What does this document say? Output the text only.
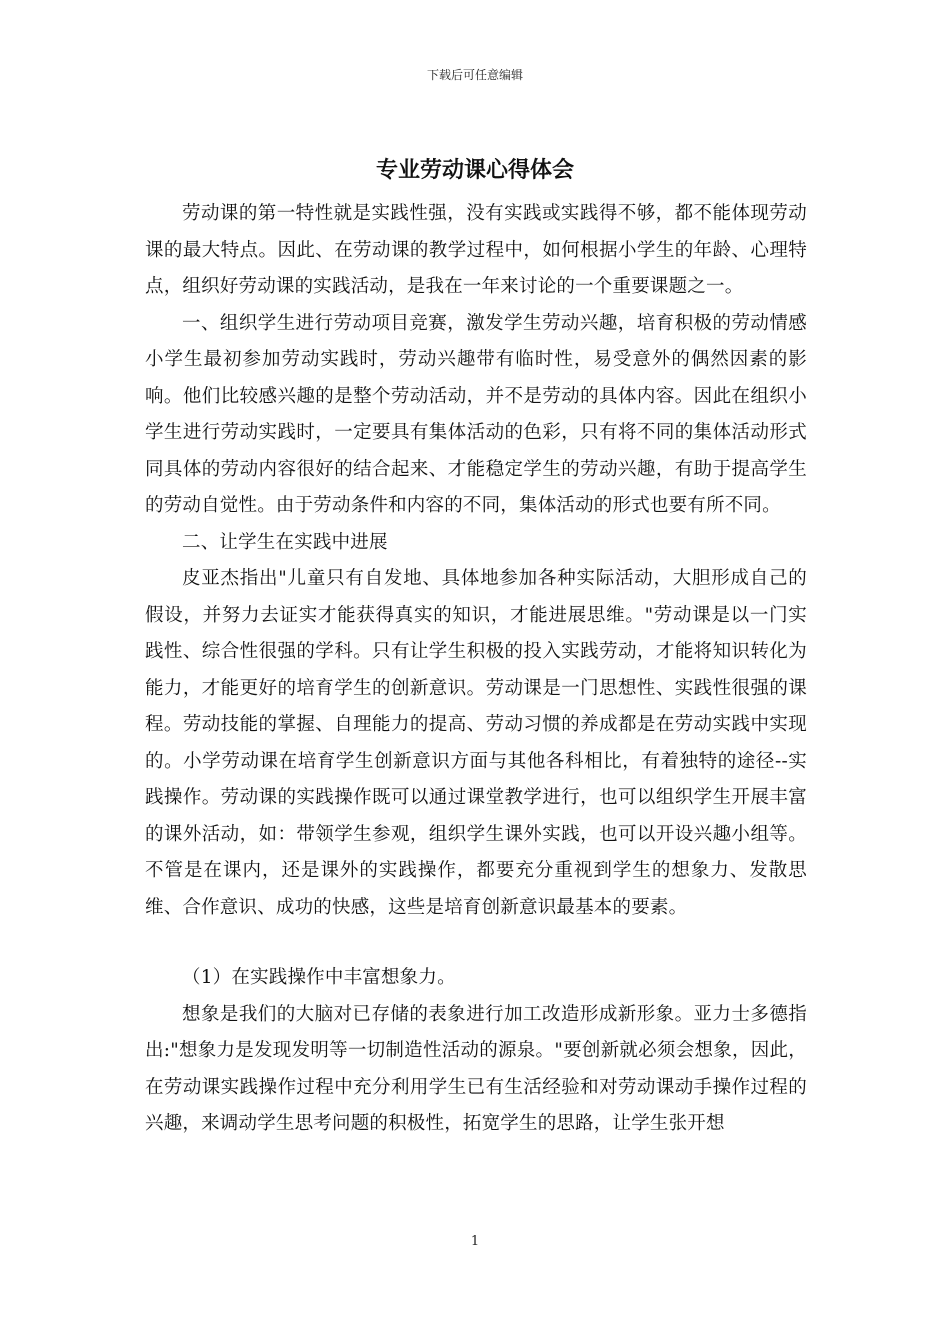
下载后可任意编辑
专业劳动课心得体会

劳动课的第一特性就是实践性强，没有实践或实践得不够，都不能体现劳动课的最大特点。因此、在劳动课的教学过程中，如何根据小学生的年龄、心理特点，组织好劳动课的实践活动，是我在一年来讨论的一个重要课题之一。

一、组织学生进行劳动项目竞赛，激发学生劳动兴趣，培育积极的劳动情感小学生最初参加劳动实践时，劳动兴趣带有临时性，易受意外的偶然因素的影响。他们比较感兴趣的是整个劳动活动，并不是劳动的具体内容。因此在组织小学生进行劳动实践时，一定要具有集体活动的色彩，只有将不同的集体活动形式同具体的劳动内容很好的结合起来、才能稳定学生的劳动兴趣，有助于提高学生的劳动自觉性。由于劳动条件和内容的不同，集体活动的形式也要有所不同。

二、让学生在实践中进展

皮亚杰指出"儿童只有自发地、具体地参加各种实际活动，大胆形成自己的假设，并努力去证实才能获得真实的知识，才能进展思维。"劳动课是以一门实践性、综合性很强的学科。只有让学生积极的投入实践劳动，才能将知识转化为能力，才能更好的培育学生的创新意识。劳动课是一门思想性、实践性很强的课程。劳动技能的掌握、自理能力的提高、劳动习惯的养成都是在劳动实践中实现的。小学劳动课在培育学生创新意识方面与其他各科相比，有着独特的途径--实践操作。劳动课的实践操作既可以通过课堂教学进行，也可以组织学生开展丰富的课外活动，如：带领学生参观，组织学生课外实践，也可以开设兴趣小组等。不管是在课内，还是课外的实践操作，都要充分重视到学生的想象力、发散思维、合作意识、成功的快感，这些是培育创新意识最基本的要素。

（1）在实践操作中丰富想象力。

想象是我们的大脑对已存储的表象进行加工改造形成新形象。亚力士多德指出:"想象力是发现发明等一切制造性活动的源泉。"要创新就必须会想象，因此，在劳动课实践操作过程中充分利用学生已有生活经验和对劳动课动手操作过程的兴趣，来调动学生思考问题的积极性，拓宽学生的思路，让学生张开想

1
